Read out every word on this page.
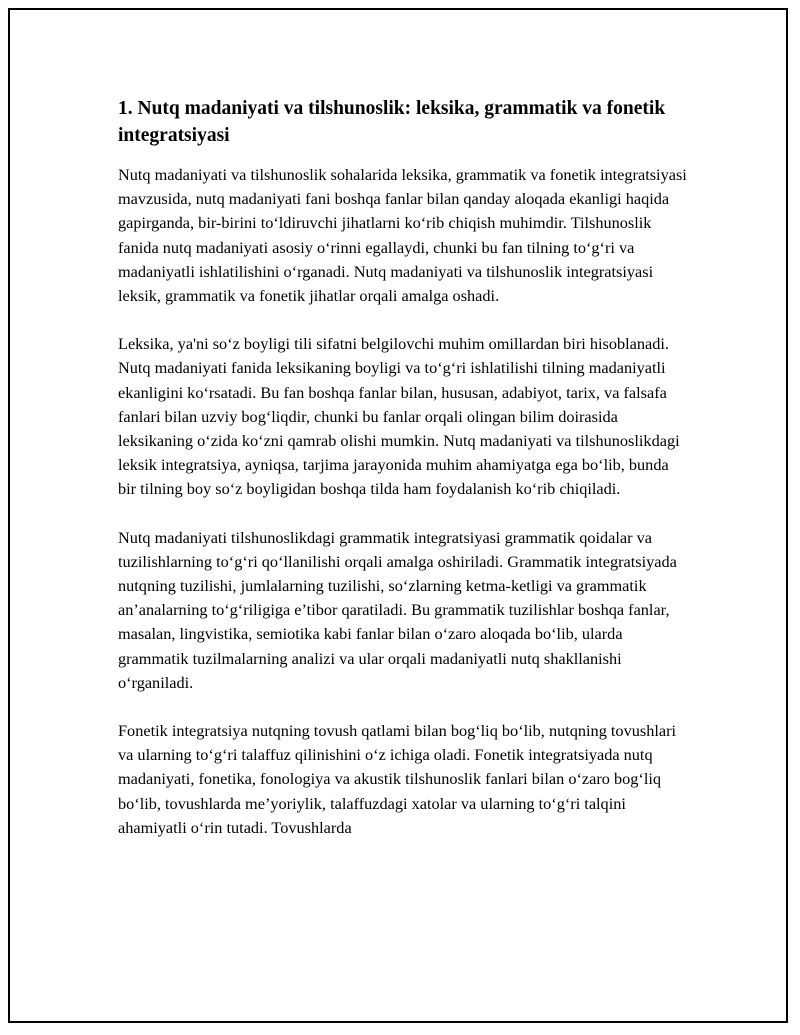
1. Nutq madaniyati va tilshunoslik: leksika, grammatik va fonetik integratsiyasi

Nutq madaniyati va tilshunoslik sohalarida leksika, grammatik va fonetik integratsiyasi mavzusida, nutq madaniyati fani boshqa fanlar bilan qanday aloqada ekanligi haqida gapirganda, bir-birini to‘ldiruvchi jihatlarni ko‘rib chiqish muhimdir. Tilshunoslik fanida nutq madaniyati asosiy o‘rinni egallaydi, chunki bu fan tilning to‘g‘ri va madaniyatli ishlatilishini o‘rganadi. Nutq madaniyati va tilshunoslik integratsiyasi leksik, grammatik va fonetik jihatlar orqali amalga oshadi.

Leksika, ya'ni so‘z boyligi tili sifatni belgilovchi muhim omillardan biri hisoblanadi. Nutq madaniyati fanida leksikaning boyligi va to‘g‘ri ishlatilishi tilning madaniyatli ekanligini ko‘rsatadi. Bu fan boshqa fanlar bilan, hususan, adabiyot, tarix, va falsafa fanlari bilan uzviy bog‘liqdir, chunki bu fanlar orqali olingan bilim doirasida leksikaning o‘zida ko‘zni qamrab olishi mumkin. Nutq madaniyati va tilshunoslikdagi leksik integratsiya, ayniqsa, tarjima jarayonida muhim ahamiyatga ega bo‘lib, bunda bir tilning boy so‘z boyligidan boshqa tilda ham foydalanish ko‘rib chiqiladi.

Nutq madaniyati tilshunoslikdagi grammatik integratsiyasi grammatik qoidalar va tuzilishlarning to‘g‘ri qo‘llanilishi orqali amalga oshiriladi. Grammatik integratsiyada nutqning tuzilishi, jumlalarning tuzilishi, so‘zlarning ketma-ketligi va grammatik an’analarning to‘g‘riligiga e’tibor qaratiladi. Bu grammatik tuzilishlar boshqa fanlar, masalan, lingvistika, semiotika kabi fanlar bilan o‘zaro aloqada bo‘lib, ularda grammatik tuzilmalarning analizi va ular orqali madaniyatli nutq shakllanishi o‘rganiladi.

Fonetik integratsiya nutqning tovush qatlami bilan bog‘liq bo‘lib, nutqning tovushlari va ularning to‘g‘ri talaffuz qilinishini o‘z ichiga oladi. Fonetik integratsiyada nutq madaniyati, fonetika, fonologiya va akustik tilshunoslik fanlari bilan o‘zaro bog‘liq bo‘lib, tovushlarda me’yoriylik, talaffuzdagi xatolar va ularning to‘g‘ri talqini ahamiyatli o‘rin tutadi. Tovushlarda
